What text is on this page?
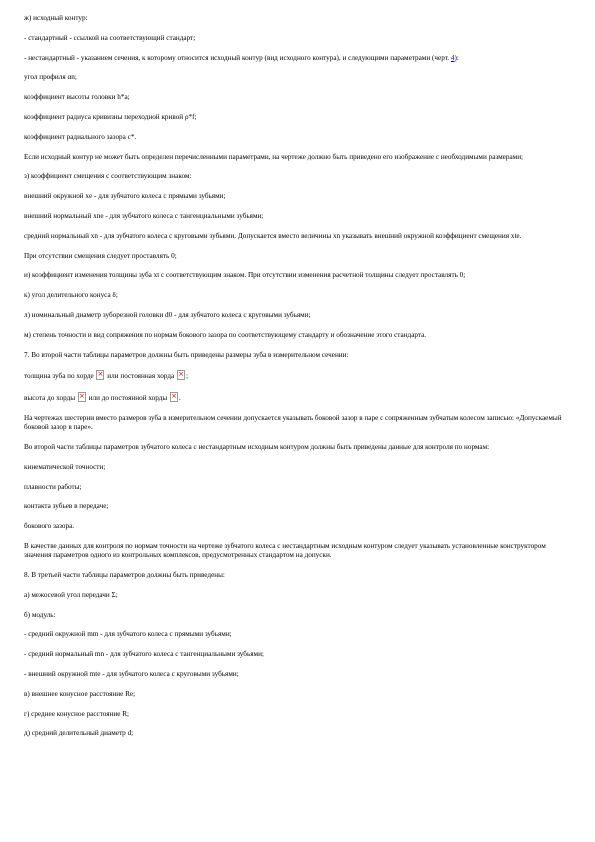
ж) исходный контур:

- стандартный - ссылкой на соответствующий стандарт;

- нестандартный - указанием сечения, к которому относится исходный контур (вид исходного контура), и следующими параметрами (черт. 4):

угол профиля αn;

коэффициент высоты головки h*a;

коэффициент радиуса кривизны переходной кривой ρ*f;

коэффициент радиального зазора с*.

Если исходный контур не может быть определен перечисленными параметрами, на чертеже должно быть приведено его изображение с необходимыми размерами;

з) коэффициент смещения с соответствующим знаком:

внешний окружной xe - для зубчатого колеса с прямыми зубьями;

внешний нормальный xne - для зубчатого колеса с тангенциальными зубьями;

средний нормальный xn - для зубчатого колеса с круговыми зубьями. Допускается вместо величины xn указывать внешний окружной коэффициент смещения xte.

При отсутствии смещения следует проставлять 0;

и) коэффициент изменения толщины зуба xt с соответствующим знаком. При отсутствии изменения расчетной толщины следует проставлять 0;

к) угол делительного конуса δ;

л) номинальный диаметр зуборезной головки d0 - для зубчатого колеса с круговыми зубьями;

м) степень точности и вид сопряжения по нормам бокового зазора по соответствующему стандарту и обозначение этого стандарта.

7. Во второй части таблицы параметров должны быть приведены размеры зуба в измерительном сечении:

толщина зуба по хорде × или постоянная хорда × ;

высота до хорды × или до постоянной хорды × .

На чертежах шестерни вместо размеров зуба в измерительном сечении допускается указывать боковой зазор в паре с сопряженным зубчатым колесом записью: «Допускаемый боковой зазор в паре».

Во второй части таблицы параметров зубчатого колеса с нестандартным исходным контуром должны быть приведены данные для контроля по нормам:

кинематической точности;

плавности работы;

контакта зубьев в передаче;

бокового зазора.

В качестве данных для контроля по нормам точности на чертеже зубчатого колеса с нестандартным исходным контуром следует указывать установленные конструктором значения параметров одного из контрольных комплексов, предусмотренных стандартом на допуски.

8. В третьей части таблицы параметров должны быть приведены:

а) межосевой угол передачи Σ;

б) модуль:

- средний окружной mm - для зубчатого колеса с прямыми зубьями;

- средний нормальный mn - для зубчатого колеса с тангенциальными зубьями;

- внешний окружной mte - для зубчатого колеса с круговыми зубьями;

в) внешнее конусное расстояние Re;

г) среднее конусное расстояние R;

д) средний делительный диаметр d;
